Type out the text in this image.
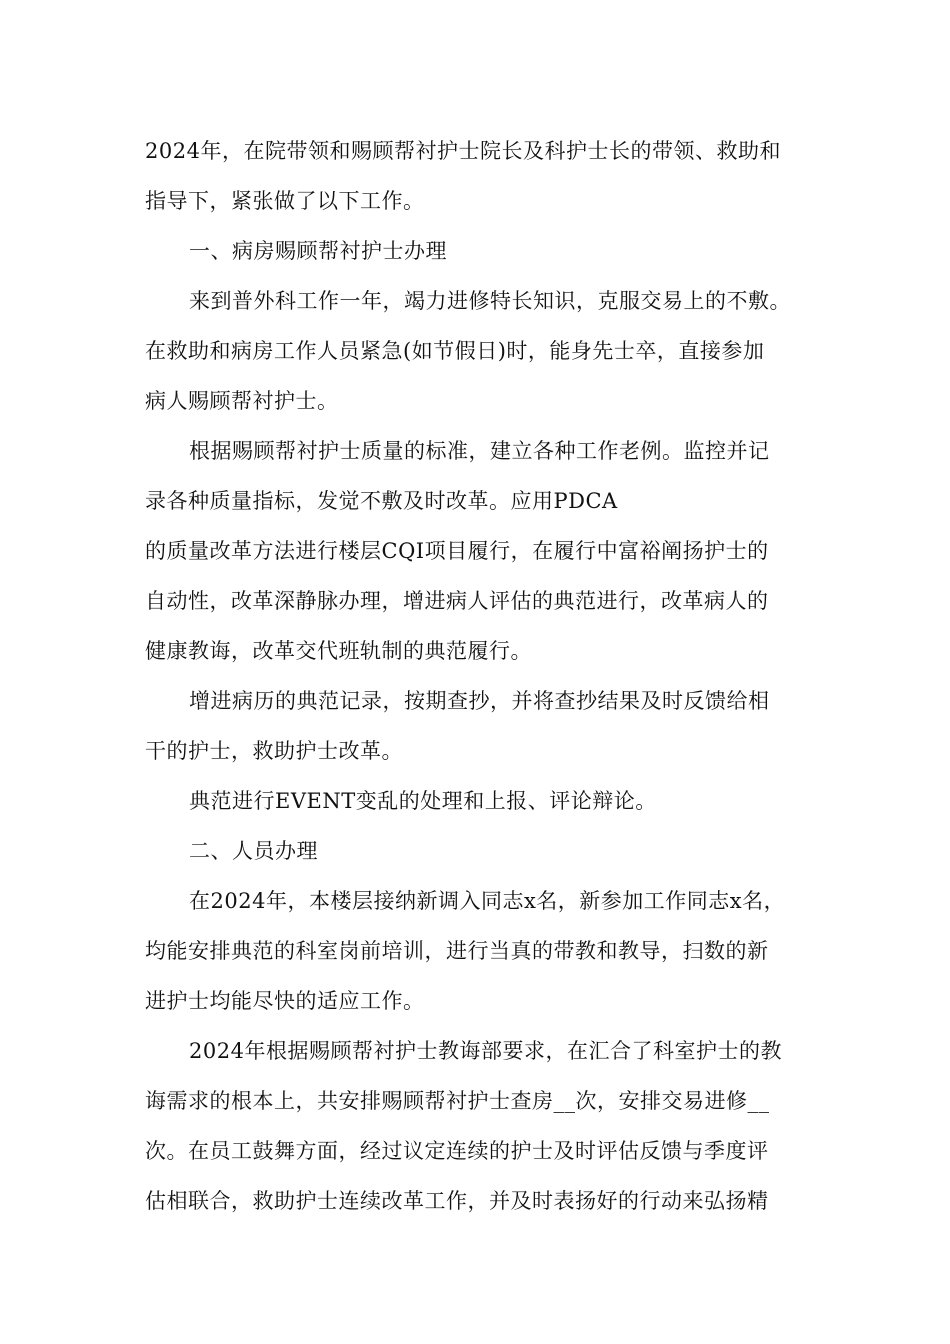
2024年，在院带领和赐顾帮衬护士院长及科护士长的带领、救助和
指导下，紧张做了以下工作。
一、病房赐顾帮衬护士办理
来到普外科工作一年，竭力进修特长知识，克服交易上的不敷。
在救助和病房工作人员紧急(如节假日)时，能身先士卒，直接参加
病人赐顾帮衬护士。
根据赐顾帮衬护士质量的标准，建立各种工作老例。监控并记
录各种质量指标，发觉不敷及时改革。应用PDCA
的质量改革方法进行楼层CQI项目履行，在履行中富裕阐扬护士的
自动性，改革深静脉办理，增进病人评估的典范进行，改革病人的
健康教诲，改革交代班轨制的典范履行。
增进病历的典范记录，按期查抄，并将查抄结果及时反馈给相
干的护士，救助护士改革。
典范进行EVENT变乱的处理和上报、评论辩论。
二、人员办理
在2024年，本楼层接纳新调入同志x名，新参加工作同志x名，
均能安排典范的科室岗前培训，进行当真的带教和教导，扫数的新
进护士均能尽快的适应工作。
2024年根据赐顾帮衬护士教诲部要求，在汇合了科室护士的教
诲需求的根本上，共安排赐顾帮衬护士查房__次，安排交易进修__
次。在员工鼓舞方面，经过议定连续的护士及时评估反馈与季度评
估相联合，救助护士连续改革工作，并及时表扬好的行动来弘扬精
